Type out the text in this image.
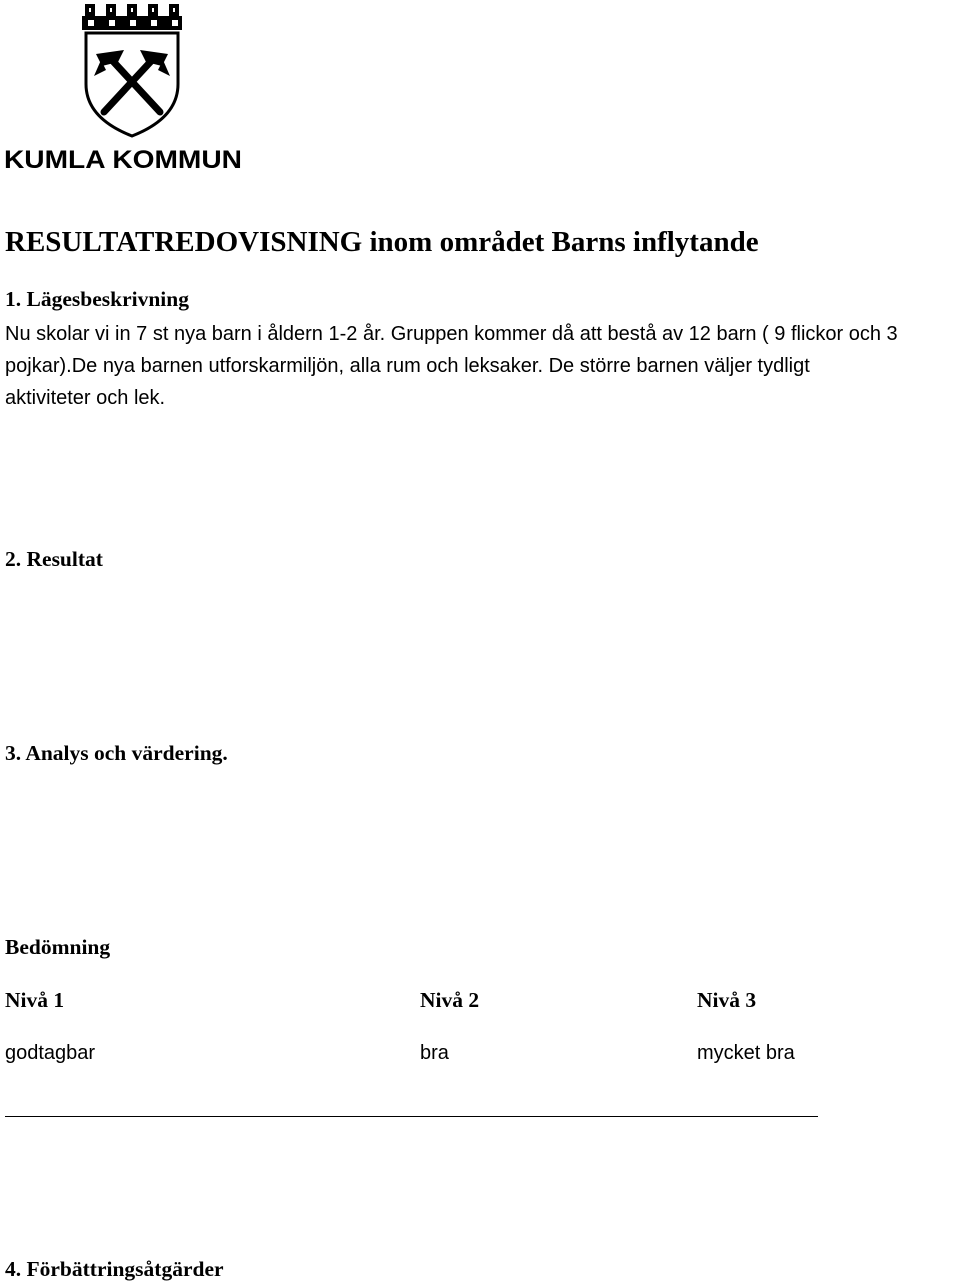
KUMLA KOMMUN
RESULTATREDOVISNING inom området Barns inflytande
1. Lägesbeskrivning
Nu skolar vi in 7 st nya barn i åldern 1-2 år. Gruppen kommer då att bestå av 12 barn ( 9 flickor och 3
pojkar).De nya barnen utforskarmiljön, alla rum och leksaker. De större barnen väljer tydligt
aktiviteter och lek.
2. Resultat
3. Analys och värdering.
Bedömning

Nivå 1	Nivå 2	Nivå 3

godtagbar	bra	mycket bra

4. Förbättringsåtgärder
